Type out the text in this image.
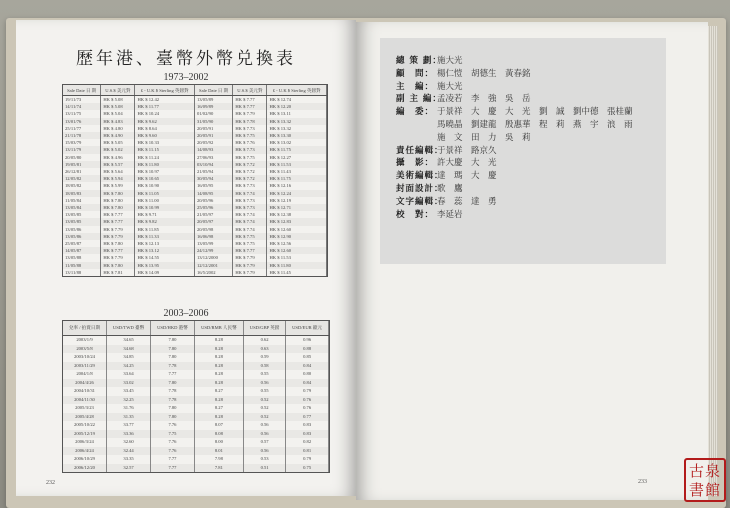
歷年港、臺幣外幣兑換表
1973–2002
Sale Date 日 期	U.S.$ 美元對	£ - U.K $ Sterling 英鎊對	Sale Date 日 期	U.S.$ 美元對	£ - U.K $ Sterling 英鎊對
19/11/73	HK $ 5.08	HK $ 12.42	13/05/89	HK $ 7.77	HK $ 12.74
14/11/74	HK $ 5.08	HK $ 11.77	16/09/89	HK $ 7.77	HK $ 12.20
13/11/75	HK $ 5.04	HK $ 10.24	01/02/90	HK $ 7.79	HK $ 13.11
13/01/76	HK $ 4.83	HK $ 9.62	31/05/90	HK $ 7.78	HK $ 13.32
25/11/77	HK $ 4.80	HK $ 8.64	20/05/91	HK $ 7.73	HK $ 13.32
21/11/78	HK $ 4.90	HK $ 9.60	20/05/91	HK $ 7.75	HK $ 13.30
15/03/79	HK $ 5.05	HK $ 10.33	20/05/92	HK $ 7.76	HK $ 13.02
13/11/79	HK $ 5.02	HK $ 11.15	14/08/93	HK $ 7.73	HK $ 11.75
20/05/80	HK $ 4.96	HK $ 11.24	27/06/93	HK $ 7.75	HK $ 12.27
19/05/81	HK $ 5.57	HK $ 11.80	03/10/94	HK $ 7.72	HK $ 11.53
26/12/81	HK $ 5.64	HK $ 10.97	21/05/94	HK $ 7.72	HK $ 11.43
12/05/82	HK $ 5.94	HK $ 10.65	30/05/94	HK $ 7.72	HK $ 11.75
18/05/82	HK $ 5.99	HK $ 10.90	16/05/95	HK $ 7.73	HK $ 12.16
18/05/83	HK $ 7.80	HK $ 11.05	14/08/95	HK $ 7.74	HK $ 12.24
11/05/84	HK $ 7.80	HK $ 11.00	20/05/96	HK $ 7.73	HK $ 12.19
13/05/84	HK $ 7.80	HK $ 10.99	25/05/96	HK $ 7.73	HK $ 12.71
13/05/85	HK $ 7.77	HK $ 9.71	21/05/97	HK $ 7.74	HK $ 12.38
13/05/85	HK $ 7.77	HK $ 9.82	20/05/97	HK $ 7.74	HK $ 12.83
13/05/86	HK $ 7.79	HK $ 11.85	20/05/98	HK $ 7.74	HK $ 12.60
13/05/86	HK $ 7.79	HK $ 11.33	16/06/98	HK $ 7.75	HK $ 12.90
25/05/87	HK $ 7.80	HK $ 12.13	13/05/99	HK $ 7.75	HK $ 12.56
14/05/87	HK $ 7.77	HK $ 13.12	24/12/99	HK $ 7.77	HK $ 12.60
13/05/88	HK $ 7.79	HK $ 14.55	13/12/2000	HK $ 7.79	HK $ 11.53
11/05/88	HK $ 7.80	HK $ 13.95	12/12/2001	HK $ 7.79	HK $ 11.80
13/11/88	HK $ 7.81	HK $ 14.09	16/5/2002	HK $ 7.79	HK $ 11.45
2003–2006
兌率 / 拍賣日期	USD/TWD 臺幣	USD/HKD 港幣	USD/RMB 人民幣	USD/GBP 英鎊	USD/EUR 歐元
2003/1/9	34.65	7.80	8.28	0.62	0.96
2003/5/8	34.68	7.80	8.28	0.63	0.88
2003/10/24	34.85	7.80	8.28	0.59	0.85
2003/11/29	34.25	7.78	8.28	0.58	0.84
2004/1/8	33.64	7.77	8.28	0.55	0.80
2004/4/26	33.02	7.80	8.28	0.56	0.84
2004/10/31	33.45	7.78	8.27	0.55	0.79
2004/11/30	32.25	7.78	8.28	0.52	0.76
2005/3/23	31.76	7.80	8.27	0.52	0.76
2005/4/28	31.35	7.80	8.28	0.52	0.77
2005/10/22	33.77	7.76	8.07	0.56	0.83
2005/12/19	33.36	7.75	8.08	0.56	0.83
2006/3/24	32.60	7.76	8.00	0.57	0.82
2006/4/24	32.44	7.76	8.01	0.56	0.81
2006/10/29	33.35	7.77	7.98	0.53	0.79
2006/12/20	32.57	7.77	7.81	0.51	0.75
232
總 策 劃：施大光
顧　問： 楊仁愷　胡德生　黃春銘
主　編： 施大光
副 主 編：孟凌若　李　強　吳　岳
編　委： 于景祥　大　慶　大　光　劉　誠　劉中德　張桂蘭
馬曉晶　劉建龍　殷惠華　程　莉　燕　宇　浪　雨
施　文　田　力　吳　莉
責任編輯：于景祥　路京久
攝　影： 許大慶　大　光
美術編輯：達　瑪　大　慶
封面設計：歌　鷹
文字編輯：春　蕊　達　勇
校　對： 李延岩
233
古泉
書館
